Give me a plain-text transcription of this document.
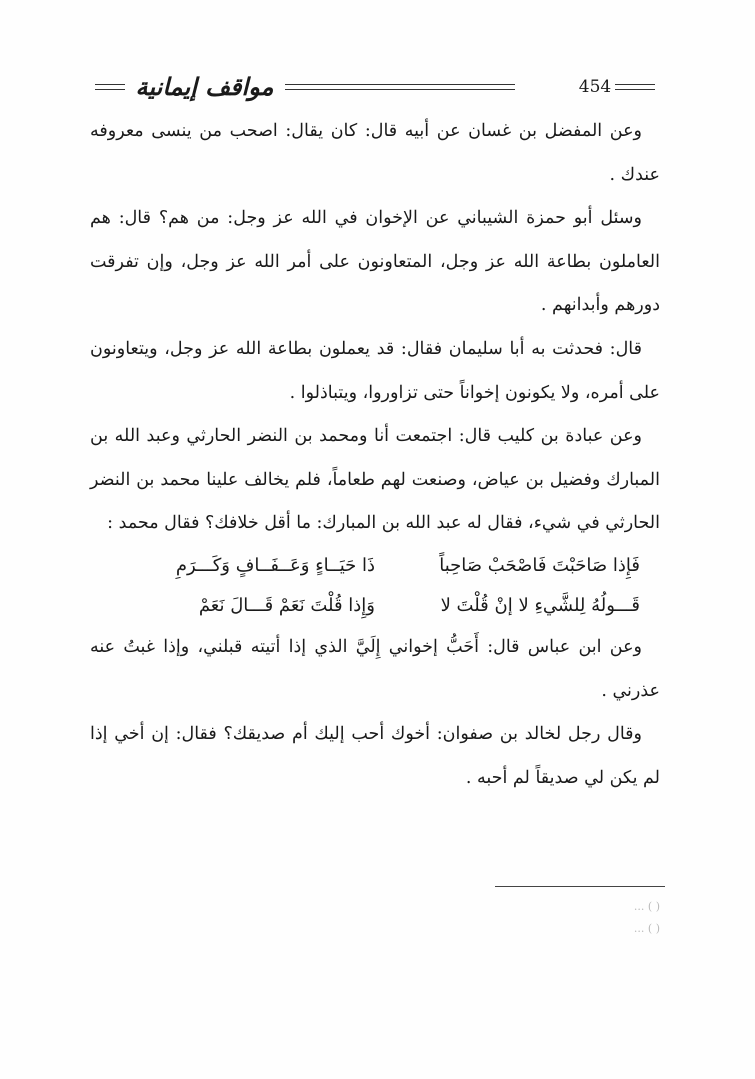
مواقف إيمانية	454

وعن المفضل بن غسان عن أبيه قال: كان يقال: اصحب من ينسى معروفه عندك .

وسئل أبو حمزة الشيباني عن الإخوان في الله عز وجل: من هم؟ قال: هم العاملون بطاعة الله عز وجل، المتعاونون على أمر الله عز وجل، وإن تفرقت دورهم وأبدانهم .

قال: فحدثت به أبا سليمان فقال: قد يعملون بطاعة الله عز وجل، ويتعاونون على أمره، ولا يكونون إخواناً حتى تزاوروا، ويتباذلوا .

وعن عبادة بن كليب قال: اجتمعت أنا ومحمد بن النضر الحارثي وعبد الله بن المبارك وفضيل بن عياض، وصنعت لهم طعاماً، فلم يخالف علينا محمد بن النضر الحارثي في شيء، فقال له عبد الله بن المبارك: ما أقل خلافك؟ فقال محمد :

فَإِذا صَاحَبْتَ فَاصْحَبْ صَاحِباً
ذَا حَيَــاءٍ وَعَــفَــافٍ وَكَـــرَمِ
قَـــولُهُ لِلشَّيءِ لا إنْ قُلْتَ لا
وَإِذا قُلْتَ نَعَمْ قَـــالَ نَعَمْ

وعن ابن عباس قال: أَحَبُّ إخواني إِلَيَّ الذي إذا أتيته قبلني، وإذا غبتُ عنه عذرني .

وقال رجل لخالد بن صفوان: أخوك أحب إليك أم صديقك؟ فقال: إن أخي إذا لم يكن لي صديقاً لم أحبه .

( ) ...
( ) ...
